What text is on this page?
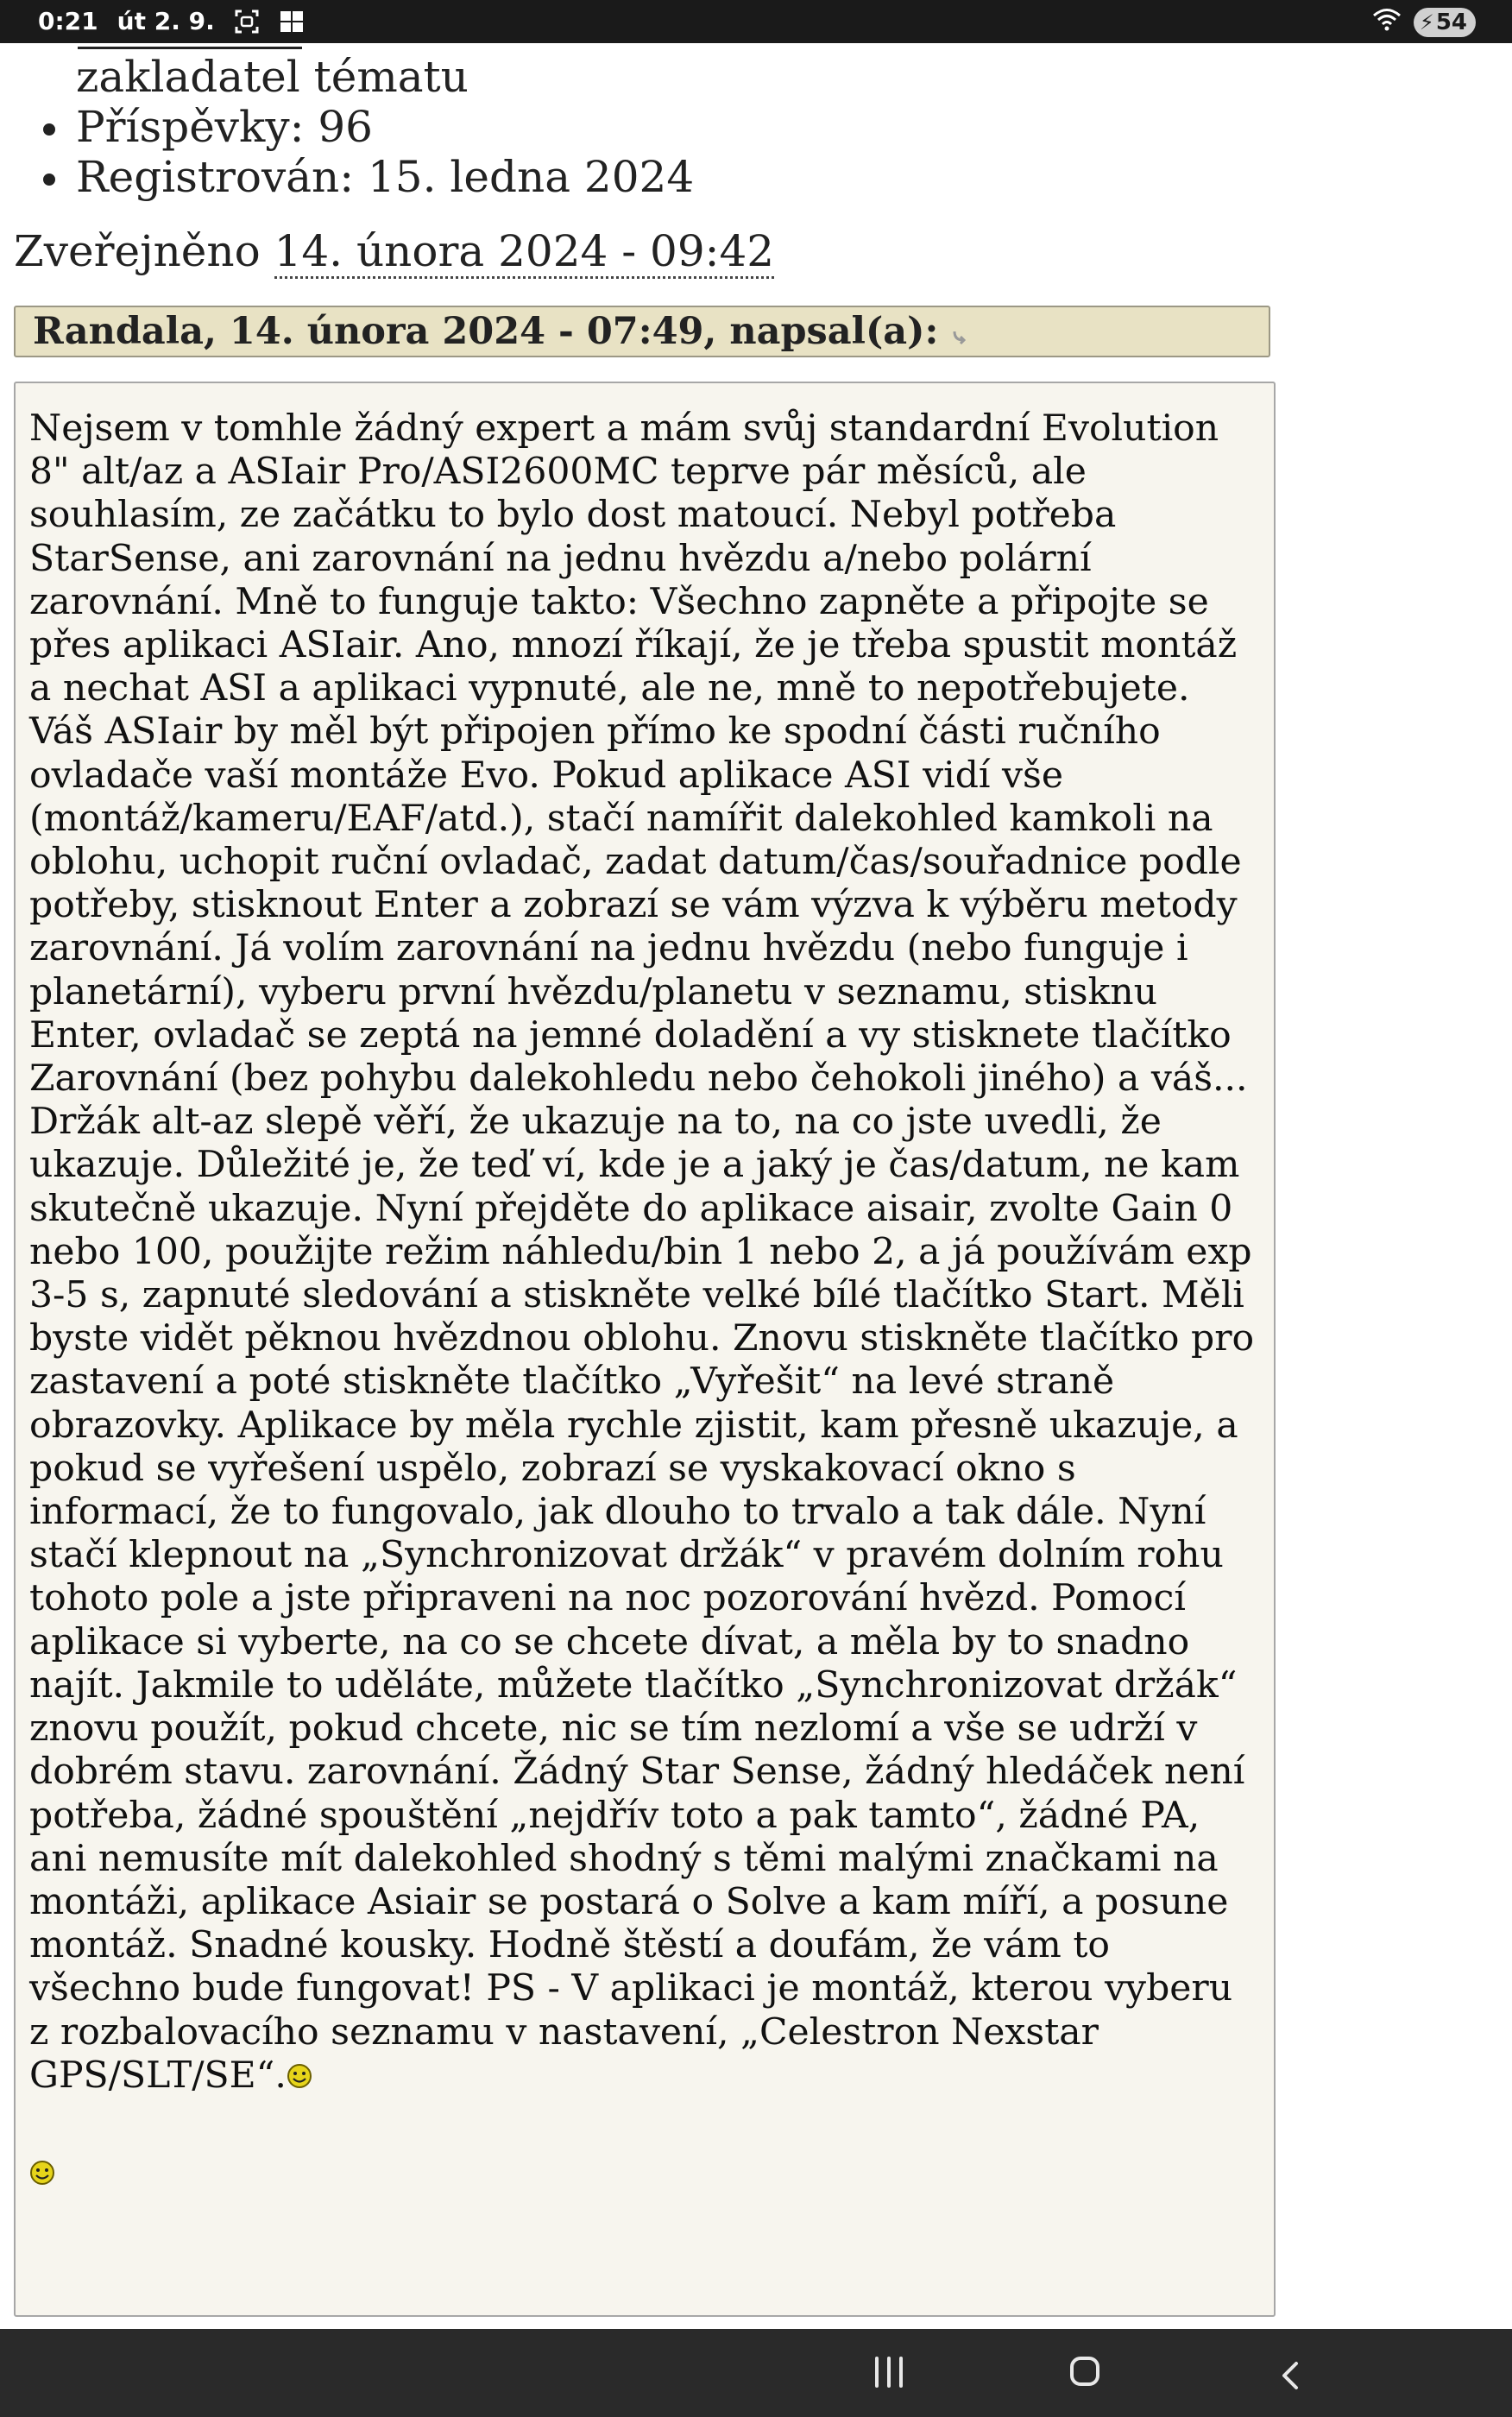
0:21 út 2. 9.	⚡ 54
zakladatel tématu
Příspěvky: 96
Registrován: 15. ledna 2024
Zveřejněno 14. února 2024 - 09:42
Randala, 14. února 2024 - 07:49, napsal(a):

Nejsem v tomhle žádný expert a mám svůj standardní Evolution 8" alt/az a ASIair Pro/ASI2600MC teprve pár měsíců, ale souhlasím, ze začátku to bylo dost matoucí. Nebyl potřeba StarSense, ani zarovnání na jednu hvězdu a/nebo polární zarovnání. Mně to funguje takto: Všechno zapněte a připojte se přes aplikaci ASIair. Ano, mnozí říkají, že je třeba spustit montáž a nechat ASI a aplikaci vypnuté, ale ne, mně to nepotřebujete. Váš ASIair by měl být připojen přímo ke spodní části ručního ovladače vaší montáže Evo. Pokud aplikace ASI vidí vše (montáž/kameru/EAF/atd.), stačí namířit dalekohled kamkoli na oblohu, uchopit ruční ovladač, zadat datum/čas/souřadnice podle potřeby, stisknout Enter a zobrazí se vám výzva k výběru metody zarovnání. Já volím zarovnání na jednu hvězdu (nebo funguje i planetární), vyberu první hvězdu/planetu v seznamu, stisknu Enter, ovladač se zeptá na jemné doladění a vy stisknete tlačítko Zarovnání (bez pohybu dalekohledu nebo čehokoli jiného) a váš... Držák alt-az slepě věří, že ukazuje na to, na co jste uvedli, že ukazuje. Důležité je, že teď ví, kde je a jaký je čas/datum, ne kam skutečně ukazuje. Nyní přejděte do aplikace aisair, zvolte Gain 0 nebo 100, použijte režim náhledu/bin 1 nebo 2, a já používám exp 3-5 s, zapnuté sledování a stiskněte velké bílé tlačítko Start. Měli byste vidět pěknou hvězdnou oblohu. Znovu stiskněte tlačítko pro zastavení a poté stiskněte tlačítko „Vyřešit“ na levé straně obrazovky. Aplikace by měla rychle zjistit, kam přesně ukazuje, a pokud se vyřešení uspělo, zobrazí se vyskakovací okno s informací, že to fungovalo, jak dlouho to trvalo a tak dále. Nyní stačí klepnout na „Synchronizovat držák“ v pravém dolním rohu tohoto pole a jste připraveni na noc pozorování hvězd. Pomocí aplikace si vyberte, na co se chcete dívat, a měla by to snadno najít. Jakmile to uděláte, můžete tlačítko „Synchronizovat držák“ znovu použít, pokud chcete, nic se tím nezlomí a vše se udrží v dobrém stavu. zarovnání. Žádný Star Sense, žádný hledáček není potřeba, žádné spouštění „nejdřív toto a pak tamto“, žádné PA, ani nemusíte mít dalekohled shodný s těmi malými značkami na montáži, aplikace Asiair se postará o Solve a kam míří, a posune montáž. Snadné kousky. Hodně štěstí a doufám, že vám to všechno bude fungovat! PS - V aplikaci je montáž, kterou vyberu z rozbalovacího seznamu v nastavení, „Celestron Nexstar GPS/SLT/SE“.
